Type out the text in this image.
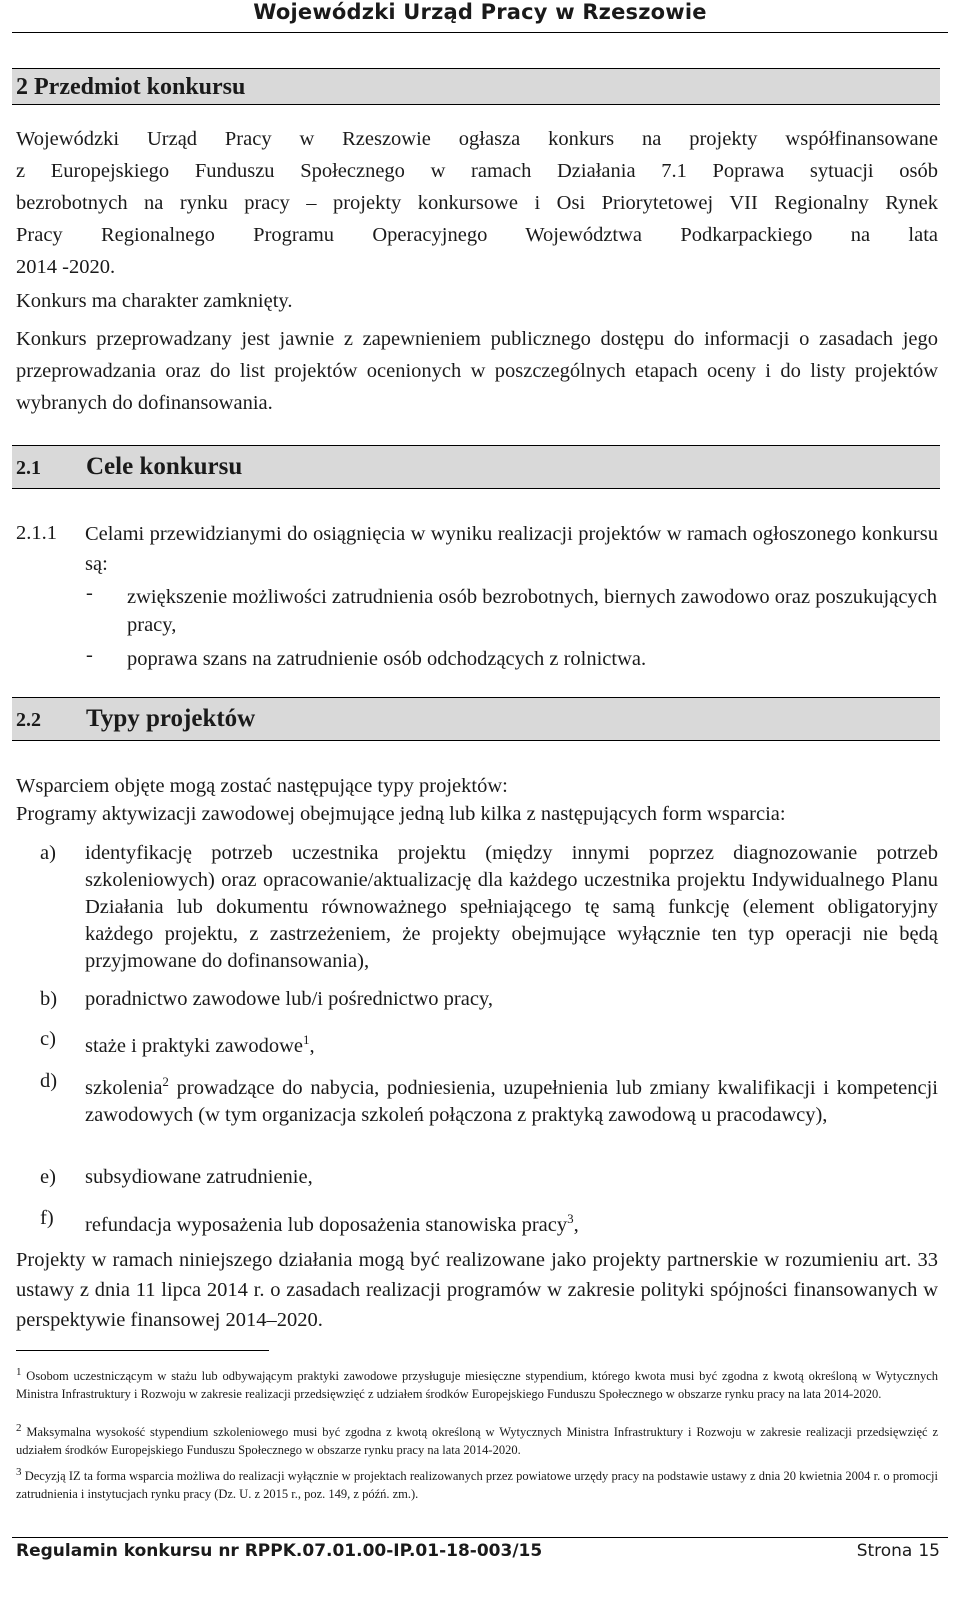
Wojewódzki Urząd Pracy w Rzeszowie
2 Przedmiot konkursu
Wojewódzki Urząd Pracy w Rzeszowie ogłasza konkurs na projekty współfinansowane
z Europejskiego Funduszu Społecznego w ramach Działania 7.1 Poprawa sytuacji osób
bezrobotnych na rynku pracy – projekty konkursowe i Osi Priorytetowej VII Regionalny Rynek
Pracy Regionalnego Programu Operacyjnego Województwa Podkarpackiego na lata
2014 -2020.
Konkurs ma charakter zamknięty.
Konkurs przeprowadzany jest jawnie z zapewnieniem publicznego dostępu do informacji o zasadach jego przeprowadzania oraz do list projektów ocenionych w poszczególnych etapach oceny i do listy projektów wybranych do dofinansowania.
2.1 Cele konkursu
2.1.1 Celami przewidzianymi do osiągnięcia w wyniku realizacji projektów w ramach ogłoszonego konkursu są:
- zwiększenie możliwości zatrudnienia osób bezrobotnych, biernych zawodowo oraz poszukujących pracy,
- poprawa szans na zatrudnienie osób odchodzących z rolnictwa.
2.2 Typy projektów
Wsparciem objęte mogą zostać następujące typy projektów:
Programy aktywizacji zawodowej obejmujące jedną lub kilka z następujących form wsparcia:
a) identyfikację potrzeb uczestnika projektu (między innymi poprzez diagnozowanie potrzeb szkoleniowych) oraz opracowanie/aktualizację dla każdego uczestnika projektu Indywidualnego Planu Działania lub dokumentu równoważnego spełniającego tę samą funkcję (element obligatoryjny każdego projektu, z zastrzeżeniem, że projekty obejmujące wyłącznie ten typ operacji nie będą przyjmowane do dofinansowania),
b) poradnictwo zawodowe lub/i pośrednictwo pracy,
c) staże i praktyki zawodowe$^1$,
d) szkolenia$^2$ prowadzące do nabycia, podniesienia, uzupełnienia lub zmiany kwalifikacji i kompetencji zawodowych (w tym organizacja szkoleń połączona z praktyką zawodową u pracodawcy),
e) subsydiowane zatrudnienie,
f) refundacja wyposażenia lub doposażenia stanowiska pracy$^3$,
Projekty w ramach niniejszego działania mogą być realizowane jako projekty partnerskie w rozumieniu art. 33 ustawy z dnia 11 lipca 2014 r. o zasadach realizacji programów w zakresie polityki spójności finansowanych w perspektywie finansowej 2014–2020.
$^1$ Osobom uczestniczącym w stażu lub odbywającym praktyki zawodowe przysługuje miesięczne stypendium, którego kwota musi być zgodna z kwotą określoną w Wytycznych Ministra Infrastruktury i Rozwoju w zakresie realizacji przedsięwzięć z udziałem środków Europejskiego Funduszu Społecznego w obszarze rynku pracy na lata 2014-2020.
$^2$ Maksymalna wysokość stypendium szkoleniowego musi być zgodna z kwotą określoną w Wytycznych Ministra Infrastruktury i Rozwoju w zakresie realizacji przedsięwzięć z udziałem środków Europejskiego Funduszu Społecznego w obszarze rynku pracy na lata 2014-2020.
$^3$ Decyzją IZ ta forma wsparcia możliwa do realizacji wyłącznie w projektach realizowanych przez powiatowe urzędy pracy na podstawie ustawy z dnia 20 kwietnia 2004 r. o promocji zatrudnienia i instytucjach rynku pracy (Dz. U. z 2015 r., poz. 149, z późń. zm.).
Regulamin konkursu nr RPPK.07.01.00-IP.01-18-003/15	Strona 15
